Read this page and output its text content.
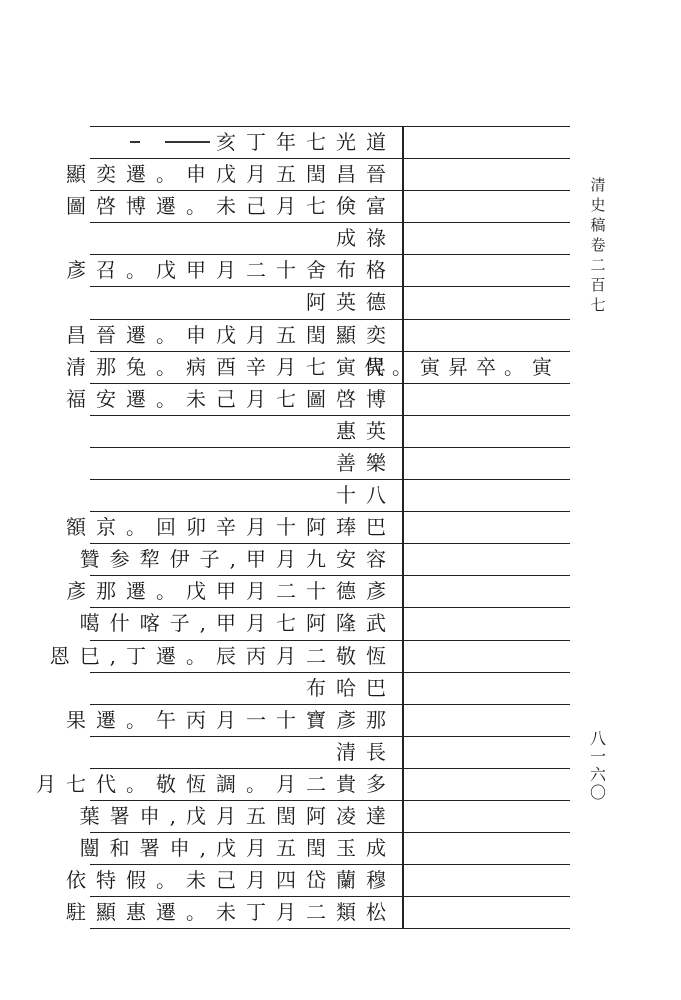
清史稿卷二百七
八一六〇
亥丁年七光道
顯奕遷。申戊月五閏昌晉
圖啓博遷。未己月七倹富
成祿
彥召。戊甲月二十舍布格
阿英德
昌晉遷。申戊月五閏顯奕
清那兔。病酉辛月七寅昇
代。寅昇卒。寅
福安遷。未己月七圖啓博
惠英
善樂
十八
額京。回卯辛月十阿琫巴
贊参犂伊子,甲月九安容
彥那遷。戊甲月二十德彥
噶什喀子,甲月七阿隆武
恩巳,丁遷。辰丙月二敬恆
布哈巴
果遷。午丙月一十寶彥那
清長
月七代。敬恆調。月二貴多
葉署申,戊月五閏阿凌達
闓和署申,戊月五閏玉成
依特假。未己月四岱蘭穆
駐顯惠遷。未丁月二類松
